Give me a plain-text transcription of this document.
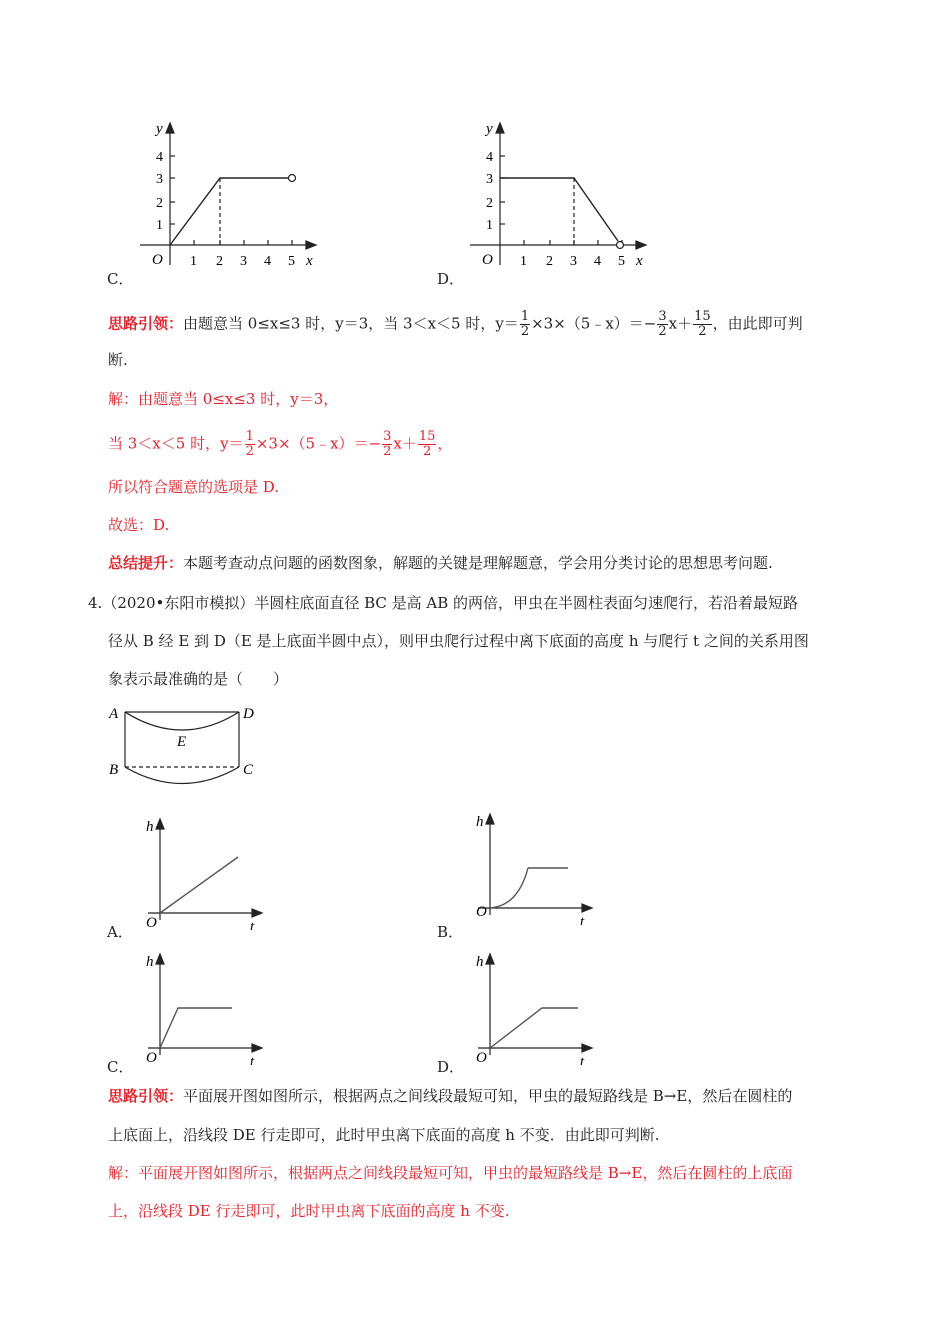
y
x
O
1
2
3
4
1 2 3 4 5
C．
y
x
O
1
2
3
4
1 2 3 4 5
D．
思路引领：由题意当 0≤x≤3 时，y＝3，当 3＜x＜5 时，$y= \frac{1}{2}$ ×3×（5﹣x）＝− $\frac{3}{2} x+ \frac{15}{2}$ ，由此即可判
断.
解：由题意当 0≤x≤3 时，y＝3，
当 3＜x＜5 时，$y= \frac{1}{2}$ ×3×（5﹣x）＝− $\frac{3}{2} x+ \frac{15}{2}$ ，
所以符合题意的选项是 D.
故选：D.
总结提升：本题考查动点问题的函数图象，解题的关键是理解题意，学会用分类讨论的思想思考问题.
4.（2020•东阳市模拟）半圆柱底面直径 BC 是高 AB 的两倍，甲虫在半圆柱表面匀速爬行，若沿着最短路
径从 B 经 E 到 D（E 是上底面半圆中点），则甲虫爬行过程中离下底面的高度 h 与爬行 t 之间的关系用图
象表示最准确的是（　　）
A	D
E
B	C
h
t
O
A．
h
t
O
B．
h
t
O
C．
h
t
O
D．
思路引领：平面展开图如图所示，根据两点之间线段最短可知，甲虫的最短路线是 B→E，然后在圆柱的
上底面上，沿线段 DE 行走即可，此时甲虫离下底面的高度 h 不变．由此即可判断.
解：平面展开图如图所示，根据两点之间线段最短可知，甲虫的最短路线是 B→E，然后在圆柱的上底面
上，沿线段 DE 行走即可，此时甲虫离下底面的高度 h 不变.
